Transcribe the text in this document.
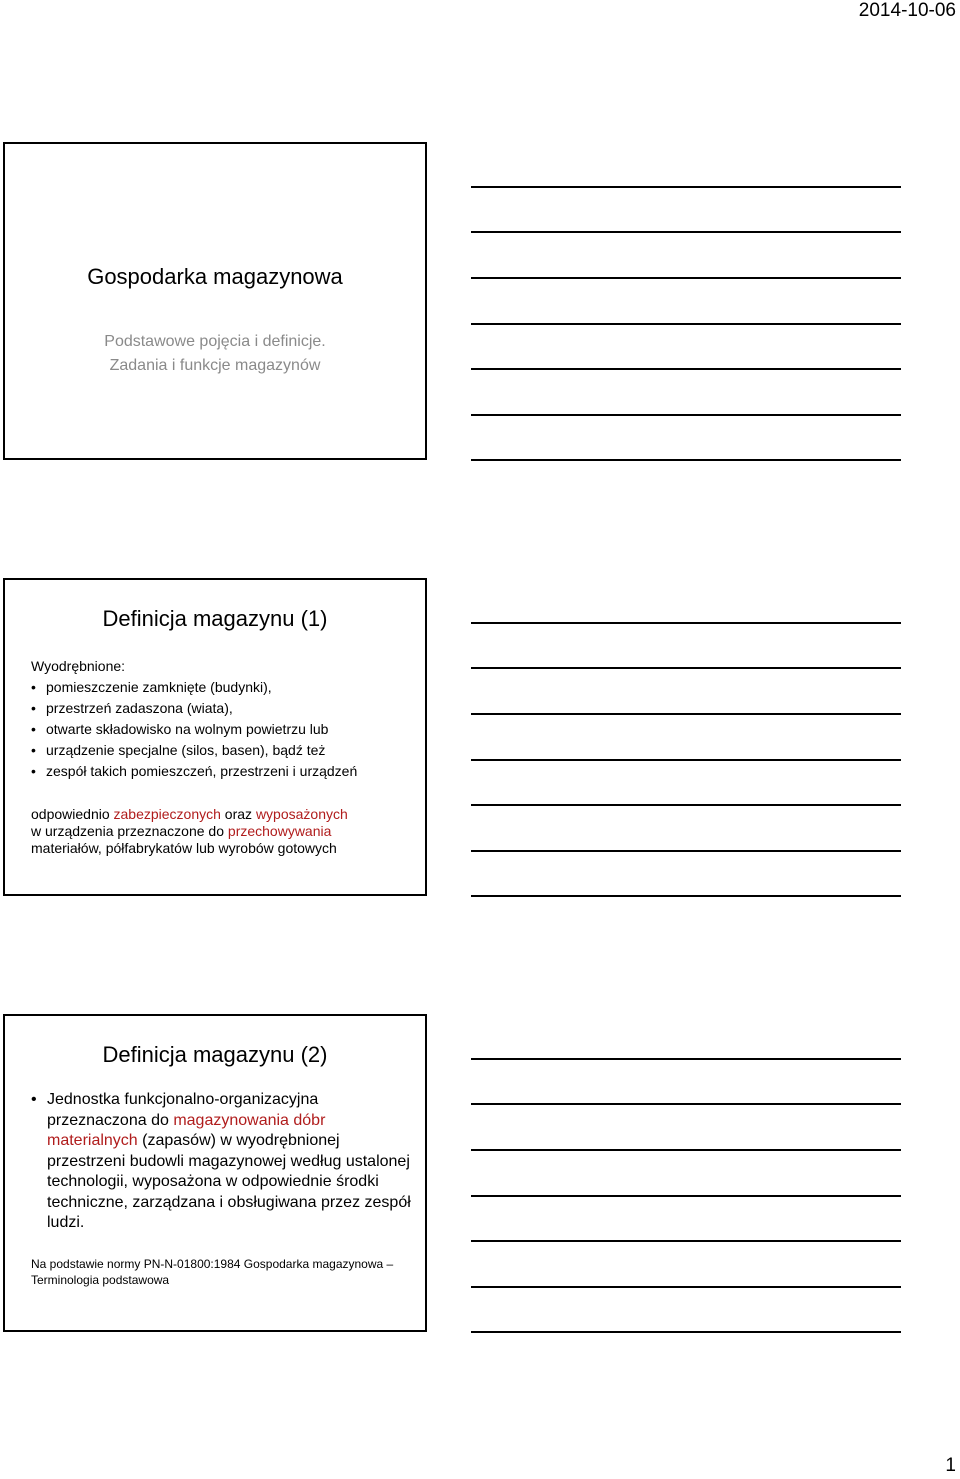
2014-10-06
Gospodarka magazynowa
Podstawowe pojęcia i definicje.
Zadania i funkcje magazynów
Definicja magazynu (1)
Wyodrębnione:
• pomieszczenie zamknięte (budynki),
• przestrzeń zadaszona (wiata),
• otwarte składowisko na wolnym powietrzu lub
• urządzenie specjalne (silos, basen), bądź też
• zespół takich pomieszczeń, przestrzeni i urządzeń
odpowiednio zabezpieczonych oraz wyposażonych
w urządzenia przeznaczone do przechowywania
materiałów, półfabrykatów lub wyrobów gotowych
Definicja magazynu (2)
• Jednostka funkcjonalno-organizacyjna przeznaczona do magazynowania dóbr materialnych (zapasów) w wyodrębnionej przestrzeni budowli magazynowej według ustalonej technologii, wyposażona w odpowiednie środki techniczne, zarządzana i obsługiwana przez zespół ludzi.
Na podstawie normy PN-N-01800:1984 Gospodarka magazynowa – Terminologia podstawowa
1
